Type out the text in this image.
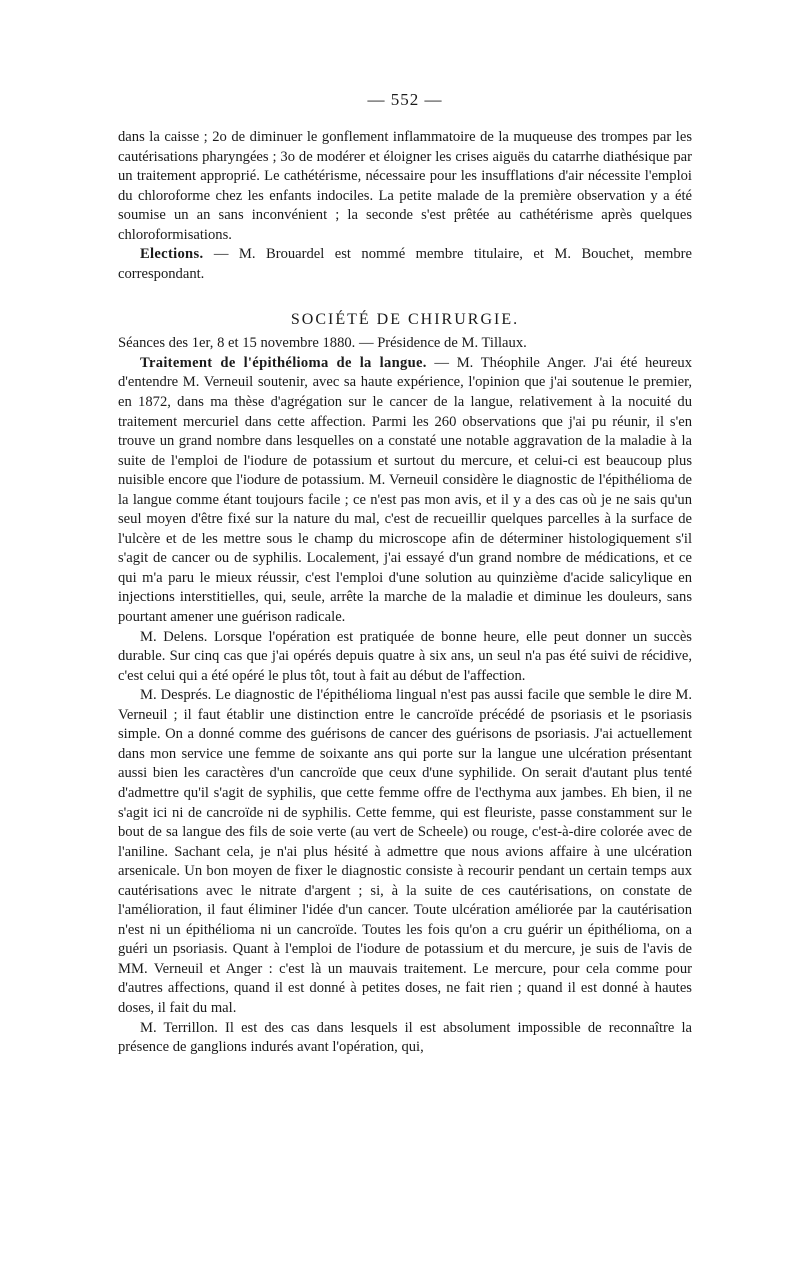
— 552 —

dans la caisse ; 2o de diminuer le gonflement inflammatoire de la muqueuse des trompes par les cautérisations pharyngées ; 3o de modérer et éloigner les crises aiguës du catarrhe diathésique par un traitement approprié. Le cathétérisme, nécessaire pour les insufflations d'air nécessite l'emploi du chloroforme chez les enfants indociles. La petite malade de la première observation y a été soumise un an sans inconvénient ; la seconde s'est prêtée au cathétérisme après quelques chloroformisations.

Elections. — M. Brouardel est nommé membre titulaire, et M. Bouchet, membre correspondant.

SOCIÉTÉ DE CHIRURGIE.

Séances des 1er, 8 et 15 novembre 1880. — Présidence de M. Tillaux.

Traitement de l'épithélioma de la langue. — M. Théophile Anger. J'ai été heureux d'entendre M. Verneuil soutenir, avec sa haute expérience, l'opinion que j'ai soutenue le premier, en 1872, dans ma thèse d'agrégation sur le cancer de la langue, relativement à la nocuité du traitement mercuriel dans cette affection. Parmi les 260 observations que j'ai pu réunir, il s'en trouve un grand nombre dans lesquelles on a constaté une notable aggravation de la maladie à la suite de l'emploi de l'iodure de potassium et surtout du mercure, et celui-ci est beaucoup plus nuisible encore que l'iodure de potassium. M. Verneuil considère le diagnostic de l'épithélioma de la langue comme étant toujours facile ; ce n'est pas mon avis, et il y a des cas où je ne sais qu'un seul moyen d'être fixé sur la nature du mal, c'est de recueillir quelques parcelles à la surface de l'ulcère et de les mettre sous le champ du microscope afin de déterminer histologiquement s'il s'agit de cancer ou de syphilis. Localement, j'ai essayé d'un grand nombre de médications, et ce qui m'a paru le mieux réussir, c'est l'emploi d'une solution au quinzième d'acide salicylique en injections interstitielles, qui, seule, arrête la marche de la maladie et diminue les douleurs, sans pourtant amener une guérison radicale.

M. Delens. Lorsque l'opération est pratiquée de bonne heure, elle peut donner un succès durable. Sur cinq cas que j'ai opérés depuis quatre à six ans, un seul n'a pas été suivi de récidive, c'est celui qui a été opéré le plus tôt, tout à fait au début de l'affection.

M. Després. Le diagnostic de l'épithélioma lingual n'est pas aussi facile que semble le dire M. Verneuil ; il faut établir une distinction entre le cancroïde précédé de psoriasis et le psoriasis simple. On a donné comme des guérisons de cancer des guérisons de psoriasis. J'ai actuellement dans mon service une femme de soixante ans qui porte sur la langue une ulcération présentant aussi bien les caractères d'un cancroïde que ceux d'une syphilide. On serait d'autant plus tenté d'admettre qu'il s'agit de syphilis, que cette femme offre de l'ecthyma aux jambes. Eh bien, il ne s'agit ici ni de cancroïde ni de syphilis. Cette femme, qui est fleuriste, passe constamment sur le bout de sa langue des fils de soie verte (au vert de Scheele) ou rouge, c'est-à-dire colorée avec de l'aniline. Sachant cela, je n'ai plus hésité à admettre que nous avions affaire à une ulcération arsenicale. Un bon moyen de fixer le diagnostic consiste à recourir pendant un certain temps aux cautérisations avec le nitrate d'argent ; si, à la suite de ces cautérisations, on constate de l'amélioration, il faut éliminer l'idée d'un cancer. Toute ulcération améliorée par la cautérisation n'est ni un épithélioma ni un cancroïde. Toutes les fois qu'on a cru guérir un épithélioma, on a guéri un psoriasis. Quant à l'emploi de l'iodure de potassium et du mercure, je suis de l'avis de MM. Verneuil et Anger : c'est là un mauvais traitement. Le mercure, pour cela comme pour d'autres affections, quand il est donné à petites doses, ne fait rien ; quand il est donné à hautes doses, il fait du mal.

M. Terrillon. Il est des cas dans lesquels il est absolument impossible de reconnaître la présence de ganglions indurés avant l'opération, qui,
